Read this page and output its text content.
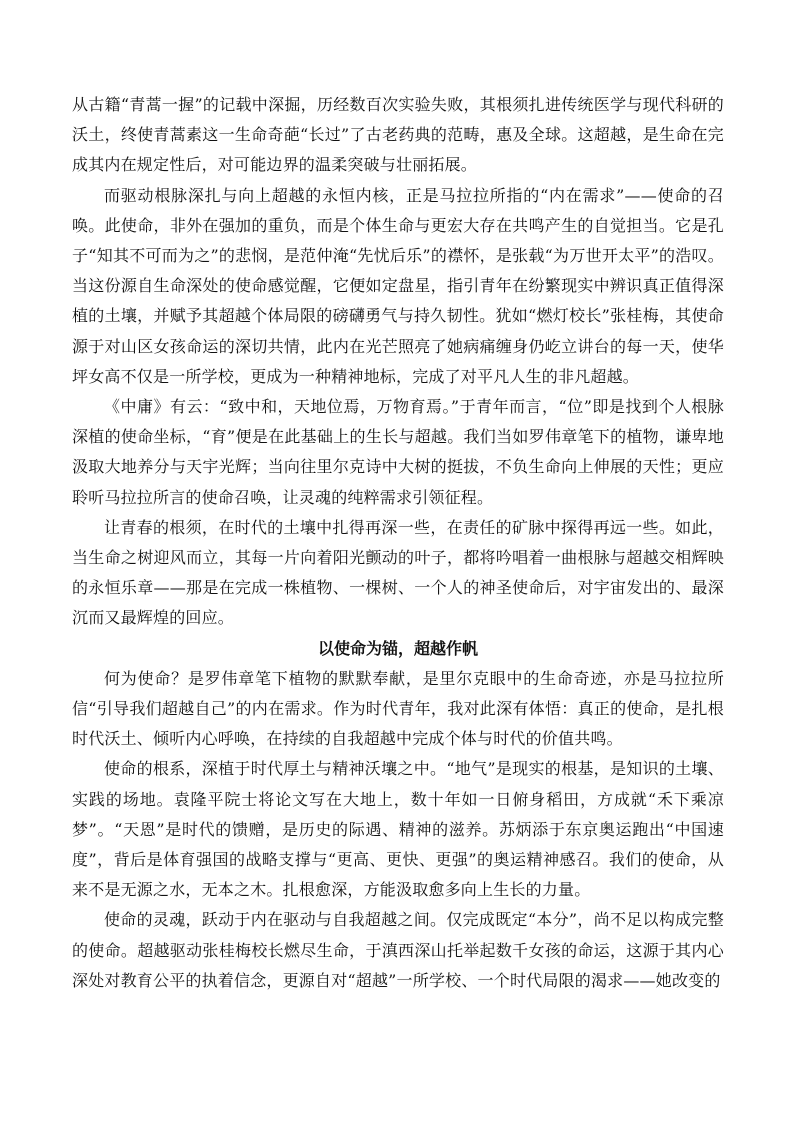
从古籍“青蒿一握”的记载中深掘，历经数百次实验失败，其根须扎进传统医学与现代科研的沃土，终使青蒿素这一生命奇葩“长过”了古老药典的范畴，惠及全球。这超越，是生命在完成其内在规定性后，对可能边界的温柔突破与壮丽拓展。

而驱动根脉深扎与向上超越的永恒内核，正是马拉拉所指的“内在需求”——使命的召唤。此使命，非外在强加的重负，而是个体生命与更宏大存在共鸣产生的自觉担当。它是孔子“知其不可而为之”的悲悯，是范仲淹“先忧后乐”的襟怀，是张载“为万世开太平”的浩叹。当这份源自生命深处的使命感觉醒，它便如定盘星，指引青年在纷繁现实中辨识真正值得深植的土壤，并赋予其超越个体局限的磅礴勇气与持久韧性。犹如“燃灯校长”张桂梅，其使命源于对山区女孩命运的深切共情，此内在光芒照亮了她病痛缠身仍屹立讲台的每一天，使华坪女高不仅是一所学校，更成为一种精神地标，完成了对平凡人生的非凡超越。

《中庸》有云：“致中和，天地位焉，万物育焉。”于青年而言，“位”即是找到个人根脉深植的使命坐标，“育”便是在此基础上的生长与超越。我们当如罗伟章笔下的植物，谦卑地汲取大地养分与天宇光辉；当向往里尔克诗中大树的挺拔，不负生命向上伸展的天性；更应聆听马拉拉所言的使命召唤，让灵魂的纯粹需求引领征程。

让青春的根须，在时代的土壤中扎得再深一些，在责任的矿脉中探得再远一些。如此，当生命之树迎风而立，其每一片向着阳光颤动的叶子，都将吟唱着一曲根脉与超越交相辉映的永恒乐章——那是在完成一株植物、一棵树、一个人的神圣使命后，对宇宙发出的、最深沉而又最辉煌的回应。

以使命为锚，超越作帆

何为使命？是罗伟章笔下植物的默默奉献，是里尔克眼中的生命奇迹，亦是马拉拉所信“引导我们超越自己”的内在需求。作为时代青年，我对此深有体悟：真正的使命，是扎根时代沃土、倾听内心呼唤，在持续的自我超越中完成个体与时代的价值共鸣。

使命的根系，深植于时代厚土与精神沃壤之中。“地气”是现实的根基，是知识的土壤、实践的场地。袁隆平院士将论文写在大地上，数十年如一日俯身稻田，方成就“禾下乘凉梦”。“天恩”是时代的馈赠，是历史的际遇、精神的滋养。苏炳添于东京奥运跑出“中国速度”，背后是体育强国的战略支撑与“更高、更快、更强”的奥运精神感召。我们的使命，从来不是无源之水，无本之木。扎根愈深，方能汲取愈多向上生长的力量。

使命的灵魂，跃动于内在驱动与自我超越之间。仅完成既定“本分”，尚不足以构成完整的使命。超越驱动张桂梅校长燃尽生命，于滇西深山托举起数千女孩的命运，这源于其内心深处对教育公平的执着信念，更源自对“超越”一所学校、一个时代局限的渴求——她改变的
